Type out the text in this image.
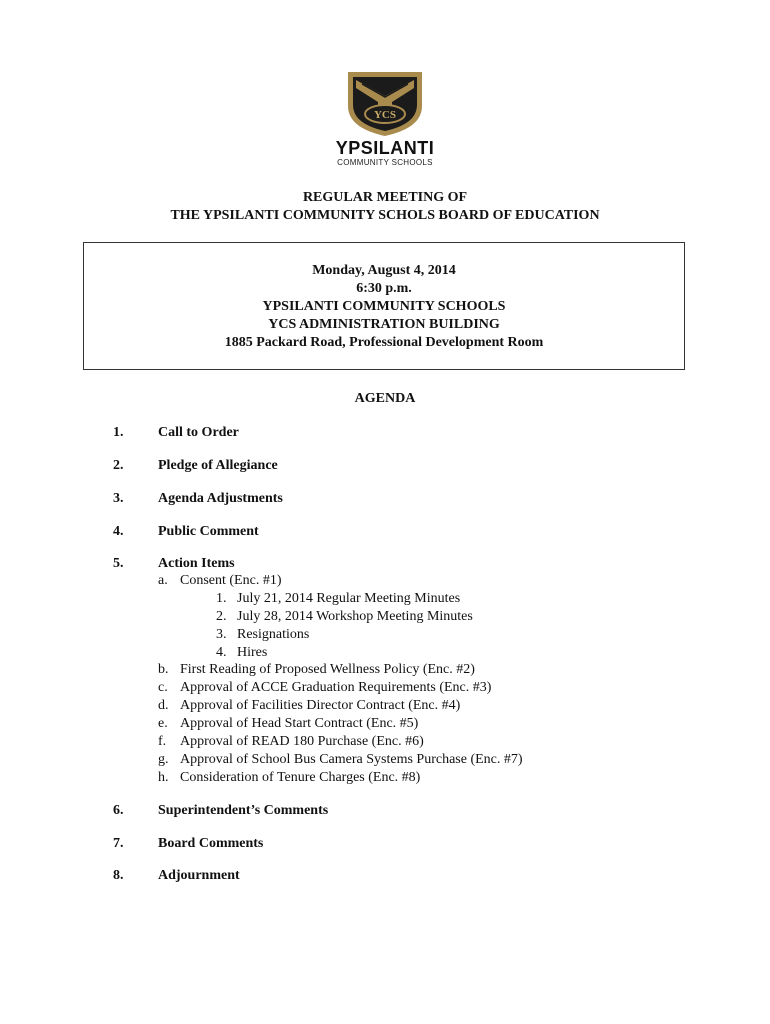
YCS
YPSILANTI
COMMUNITY SCHOOLS
REGULAR MEETING OF
THE YPSILANTI COMMUNITY SCHOLS BOARD OF EDUCATION
Monday, August 4, 2014
6:30 p.m.
YPSILANTI COMMUNITY SCHOOLS
YCS ADMINISTRATION BUILDING
1885 Packard Road, Professional Development Room
AGENDA
1. Call to Order
2. Pledge of Allegiance
3. Agenda Adjustments
4. Public Comment
5. Action Items
a. Consent (Enc. #1)
1. July 21, 2014 Regular Meeting Minutes
2. July 28, 2014 Workshop Meeting Minutes
3. Resignations
4. Hires
b. First Reading of Proposed Wellness Policy (Enc. #2)
c. Approval of ACCE Graduation Requirements (Enc. #3)
d. Approval of Facilities Director Contract (Enc. #4)
e. Approval of Head Start Contract (Enc. #5)
f. Approval of READ 180 Purchase (Enc. #6)
g. Approval of School Bus Camera Systems Purchase (Enc. #7)
h. Consideration of Tenure Charges (Enc. #8)
6. Superintendent’s Comments
7. Board Comments
8. Adjournment
